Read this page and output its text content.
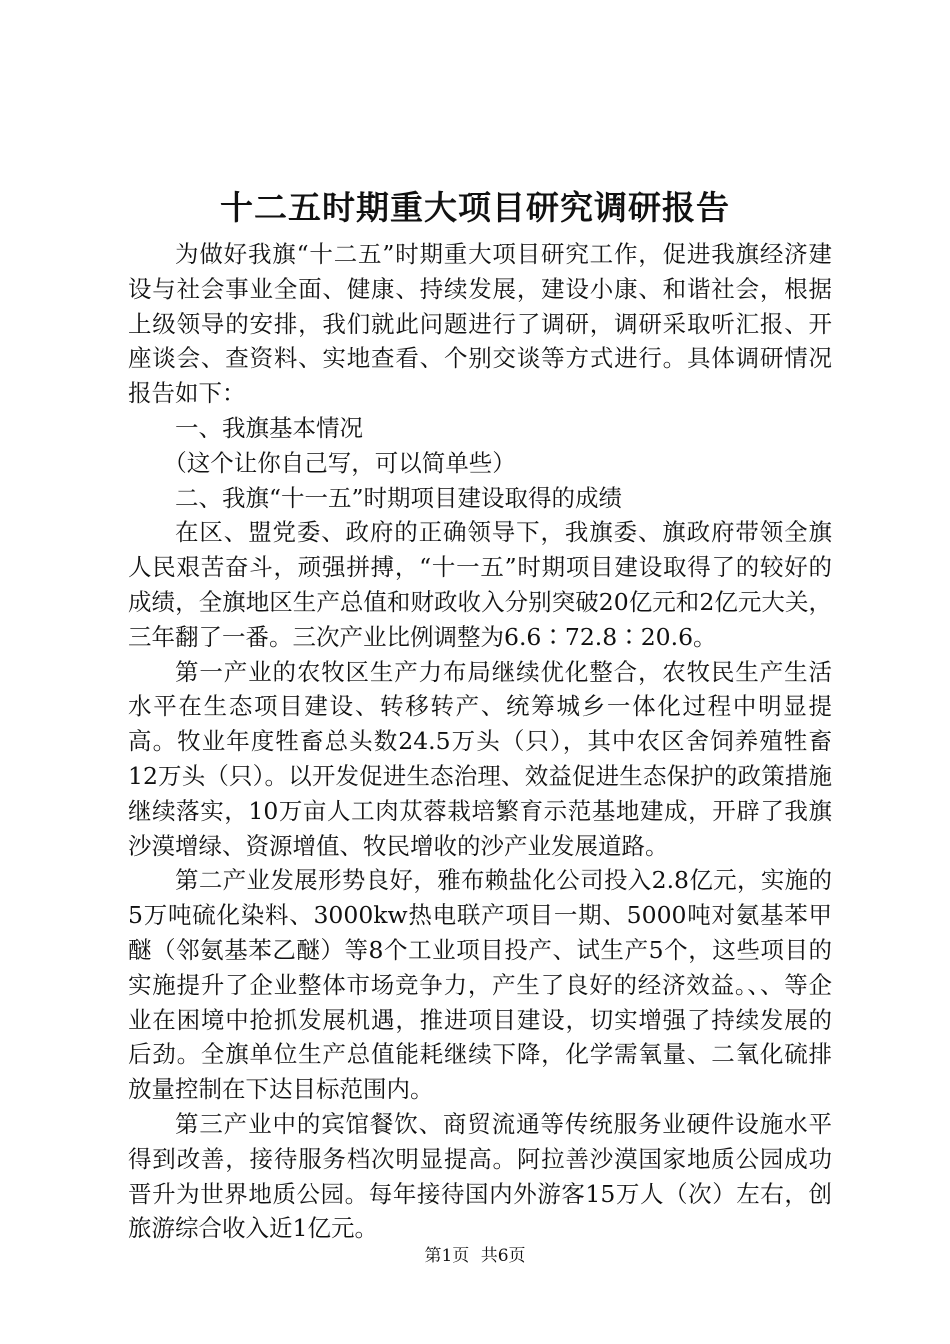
十二五时期重大项目研究调研报告

为做好我旗“十二五”时期重大项目研究工作，促进我旗经济建设与社会事业全面、健康、持续发展，建设小康、和谐社会，根据上级领导的安排，我们就此问题进行了调研，调研采取听汇报、开座谈会、查资料、实地查看、个别交谈等方式进行。具体调研情况报告如下：

一、我旗基本情况

（这个让你自己写，可以简单些）

二、我旗“十一五”时期项目建设取得的成绩

在区、盟党委、政府的正确领导下，我旗委、旗政府带领全旗人民艰苦奋斗，顽强拼搏，“十一五”时期项目建设取得了的较好的成绩，全旗地区生产总值和财政收入分别突破20亿元和2亿元大关，三年翻了一番。三次产业比例调整为6.6∶72.8∶20.6。

第一产业的农牧区生产力布局继续优化整合，农牧民生产生活水平在生态项目建设、转移转产、统筹城乡一体化过程中明显提高。牧业年度牲畜总头数24.5万头（只），其中农区舍饲养殖牲畜12万头（只）。以开发促进生态治理、效益促进生态保护的政策措施继续落实，10万亩人工肉苁蓉栽培繁育示范基地建成，开辟了我旗沙漠增绿、资源增值、牧民增收的沙产业发展道路。

第二产业发展形势良好，雅布赖盐化公司投入2.8亿元，实施的5万吨硫化染料、3000kw热电联产项目一期、5000吨对氨基苯甲醚（邻氨基苯乙醚）等8个工业项目投产、试生产5个，这些项目的实施提升了企业整体市场竞争力，产生了良好的经济效益。、、等企业在困境中抢抓发展机遇，推进项目建设，切实增强了持续发展的后劲。全旗单位生产总值能耗继续下降，化学需氧量、二氧化硫排放量控制在下达目标范围内。

第三产业中的宾馆餐饮、商贸流通等传统服务业硬件设施水平得到改善，接待服务档次明显提高。阿拉善沙漠国家地质公园成功晋升为世界地质公园。每年接待国内外游客15万人（次）左右，创旅游综合收入近1亿元。

第1页 共6页
